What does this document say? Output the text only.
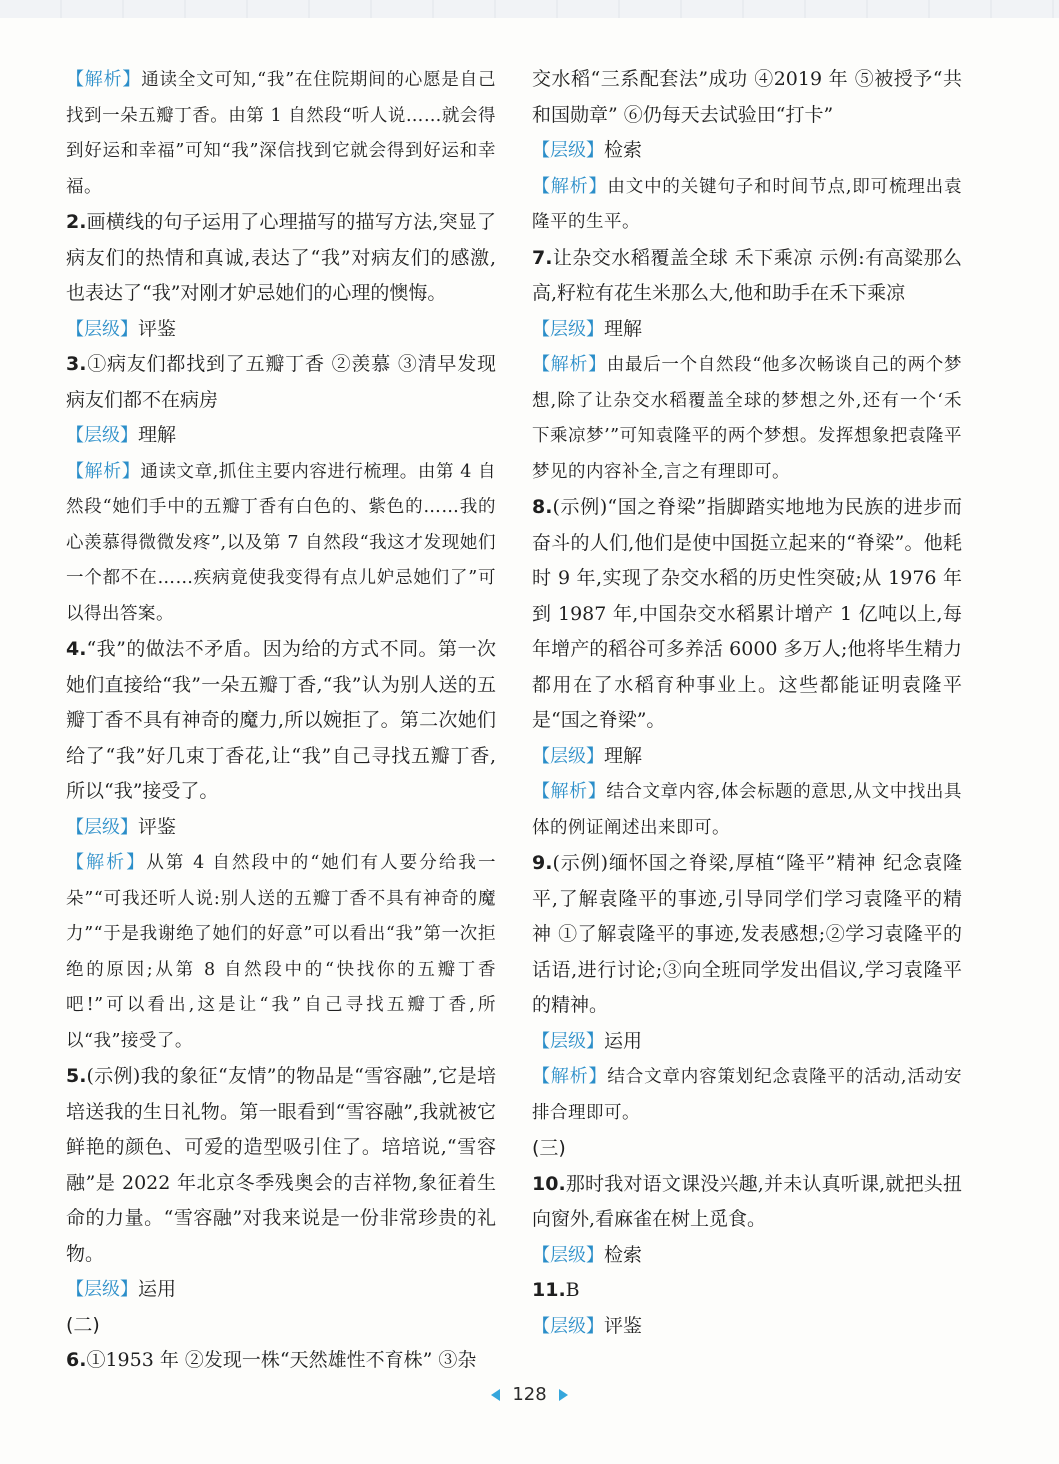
【解析】通读全文可知,“我”在住院期间的心愿是自己找到一朵五瓣丁香。由第 1 自然段“听人说……就会得到好运和幸福”可知“我”深信找到它就会得到好运和幸福。

2.画横线的句子运用了心理描写的描写方法,突显了病友们的热情和真诚,表达了“我”对病友们的感激,也表达了“我”对刚才妒忌她们的心理的懊悔。

【层级】评鉴

3.①病友们都找到了五瓣丁香 ②羡慕 ③清早发现病友们都不在病房

【层级】理解

【解析】通读文章,抓住主要内容进行梳理。由第 4 自然段“她们手中的五瓣丁香有白色的、紫色的……我的心羡慕得微微发疼”,以及第 7 自然段“我这才发现她们一个都不在……疾病竟使我变得有点儿妒忌她们了”可以得出答案。

4.“我”的做法不矛盾。因为给的方式不同。第一次她们直接给“我”一朵五瓣丁香,“我”认为别人送的五瓣丁香不具有神奇的魔力,所以婉拒了。第二次她们给了“我”好几束丁香花,让“我”自己寻找五瓣丁香,所以“我”接受了。

【层级】评鉴

【解析】从第 4 自然段中的“她们有人要分给我一朵”“可我还听人说:别人送的五瓣丁香不具有神奇的魔力”“于是我谢绝了她们的好意”可以看出“我”第一次拒绝的原因;从第 8 自然段中的“快找你的五瓣丁香吧!”可以看出,这是让“我”自己寻找五瓣丁香,所以“我”接受了。

5.(示例)我的象征“友情”的物品是“雪容融”,它是培培送我的生日礼物。第一眼看到“雪容融”,我就被它鲜艳的颜色、可爱的造型吸引住了。培培说,“雪容融”是 2022 年北京冬季残奥会的吉祥物,象征着生命的力量。“雪容融”对我来说是一份非常珍贵的礼物。

【层级】运用

(二)

6.①1953 年 ②发现一株“天然雄性不育株” ③杂

交水稻“三系配套法”成功 ④2019 年 ⑤被授予“共和国勋章” ⑥仍每天去试验田“打卡”

【层级】检索

【解析】由文中的关键句子和时间节点,即可梳理出袁隆平的生平。

7.让杂交水稻覆盖全球 禾下乘凉 示例:有高粱那么高,籽粒有花生米那么大,他和助手在禾下乘凉

【层级】理解

【解析】由最后一个自然段“他多次畅谈自己的两个梦想,除了让杂交水稻覆盖全球的梦想之外,还有一个‘禾下乘凉梦’”可知袁隆平的两个梦想。发挥想象把袁隆平梦见的内容补全,言之有理即可。

8.(示例)“国之脊梁”指脚踏实地地为民族的进步而奋斗的人们,他们是使中国挺立起来的“脊梁”。他耗时 9 年,实现了杂交水稻的历史性突破;从 1976 年到 1987 年,中国杂交水稻累计增产 1 亿吨以上,每年增产的稻谷可多养活 6000 多万人;他将毕生精力都用在了水稻育种事业上。这些都能证明袁隆平是“国之脊梁”。

【层级】理解

【解析】结合文章内容,体会标题的意思,从文中找出具体的例证阐述出来即可。

9.(示例)缅怀国之脊梁,厚植“隆平”精神 纪念袁隆平,了解袁隆平的事迹,引导同学们学习袁隆平的精神 ①了解袁隆平的事迹,发表感想;②学习袁隆平的话语,进行讨论;③向全班同学发出倡议,学习袁隆平的精神。

【层级】运用

【解析】结合文章内容策划纪念袁隆平的活动,活动安排合理即可。

(三)

10.那时我对语文课没兴趣,并未认真听课,就把头扭向窗外,看麻雀在树上觅食。

【层级】检索

11.B

【层级】评鉴

128
